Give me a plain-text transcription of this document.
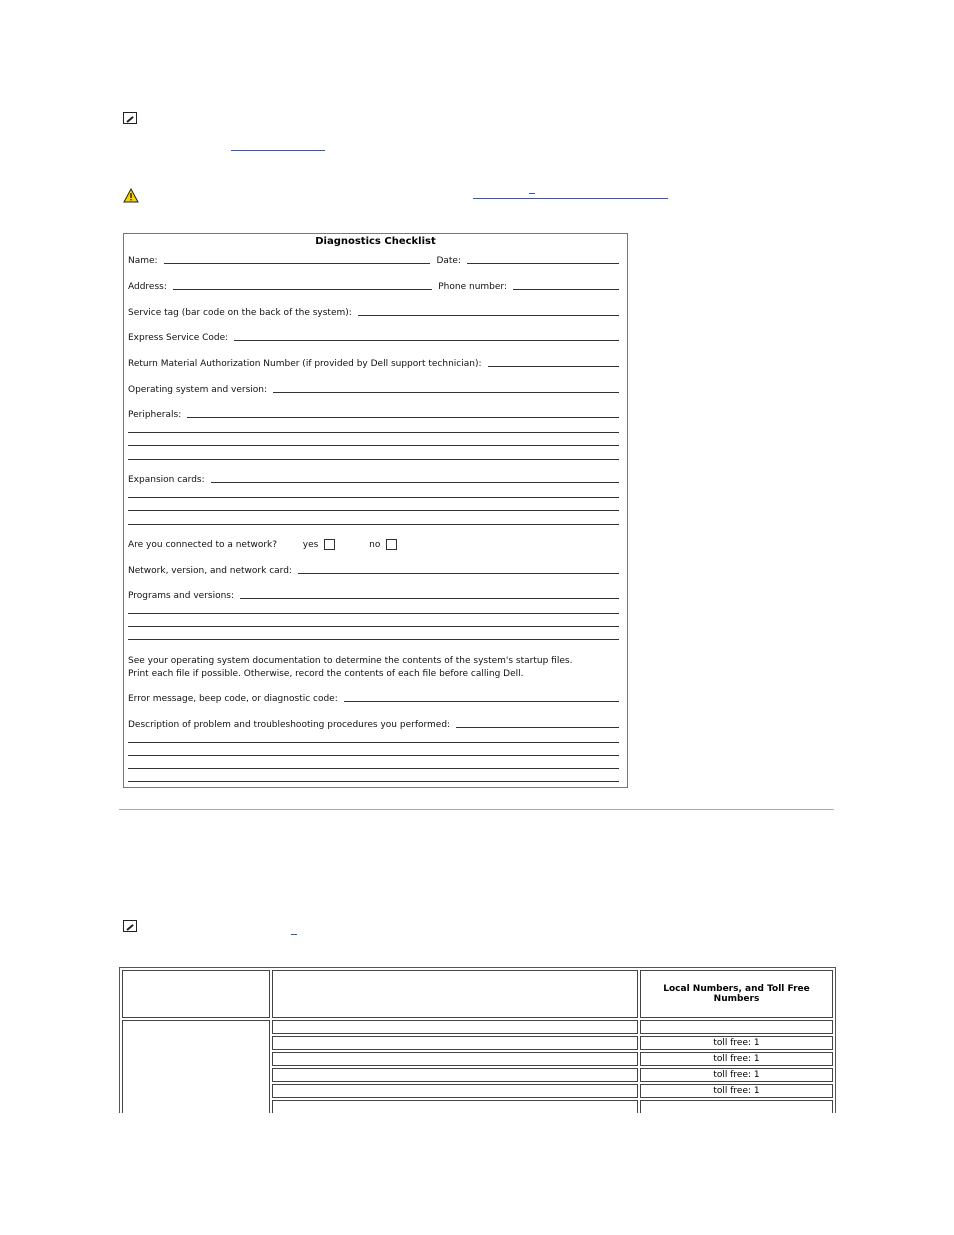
Diagnostics Checklist
Name:	Date:
Address:	Phone number:
Service tag (bar code on the back of the system):
Express Service Code:
Return Material Authorization Number (if provided by Dell support technician):
Operating system and version:
Peripherals:
Expansion cards:
Are you connected to a network?	yes	no
Network, version, and network card:
Programs and versions:
See your operating system documentation to determine the contents of the system's startup files.
Print each file if possible. Otherwise, record the contents of each file before calling Dell.
Error message, beep code, or diagnostic code:
Description of problem and troubleshooting procedures you performed:
		Local Numbers, and Toll Free Numbers

		toll free: 1
		toll free: 1
		toll free: 1
		toll free: 1
